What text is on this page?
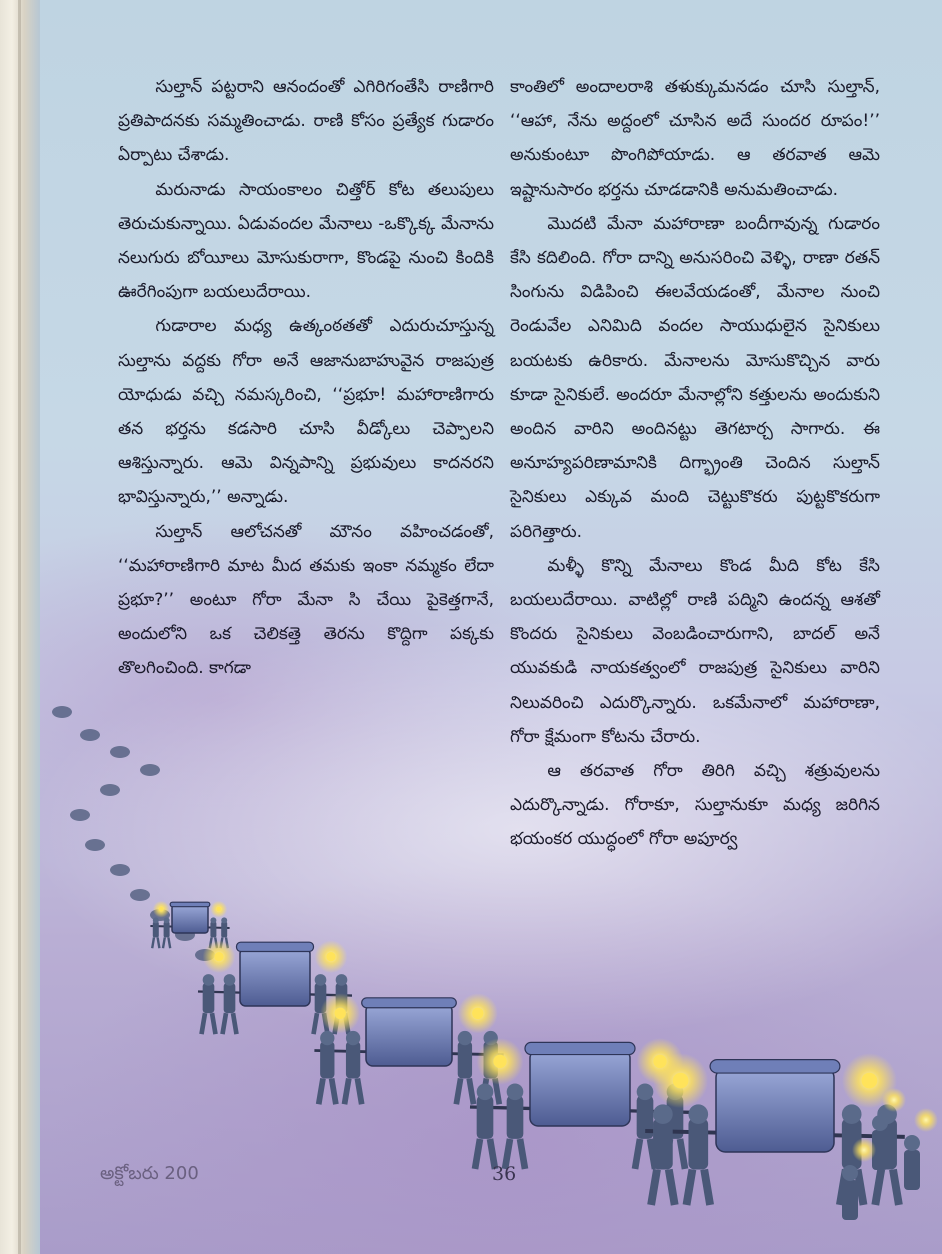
సుల్తాన్‌ పట్టరాని ఆనందంతో ఎగిరిగంతేసి రాణిగారి ప్రతిపాదనకు సమ్మతించాడు. రాణి కోసం ప్రత్యేక గుడారం ఏర్పాటు చేశాడు.

మరునాడు సాయంకాలం చిత్తోర్‌ కోట తలుపులు తెరుచుకున్నాయి. ఏడువందల మేనాలు -ఒక్కొక్క మేనాను నలుగురు బోయీలు మోసుకురాగా, కొండపై నుంచి కిందికి ఊరేగింపుగా బయలుదేరాయి.

గుడారాల మధ్య ఉత్కంఠతతో ఎదురుచూస్తున్న సుల్తాను వద్దకు గోరా అనే ఆజానుబాహువైన రాజపుత్ర యోధుడు వచ్చి నమస్కరించి, ‘‘ప్రభూ! మహారాణిగారు తన భర్తను కడసారి చూసి వీడ్కోలు చెప్పాలని ఆశిస్తున్నారు. ఆమె విన్నపాన్ని ప్రభువులు కాదనరని భావిస్తున్నారు,’’ అన్నాడు.

సుల్తాన్‌ ఆలోచనతో మౌనం వహించడంతో, ‘‘మహారాణిగారి మాట మీద తమకు ఇంకా నమ్మకం లేదా ప్రభూ?’’ అంటూ గోరా మేనా సి చేయి పైకెత్తగానే, అందులోని ఒక చెలికత్తె తెరను కొద్దిగా పక్కకు తొలగించింది. కాగడా

కాంతిలో అందాలరాశి తళుక్కుమనడం చూసి సుల్తాన్‌, ‘‘ఆహా, నేను అద్దంలో చూసిన అదే సుందర రూపం!’’ అనుకుంటూ పొంగిపోయాడు. ఆ తరవాత ఆమె ఇష్టానుసారం భర్తను చూడడానికి అనుమతించాడు.

మొదటి మేనా మహారాణా బందీగావున్న గుడారం కేసి కదిలింది. గోరా దాన్ని అనుసరించి వెళ్ళి, రాణా రతన్‌ సింగును విడిపించి ఈలవేయడంతో, మేనాల నుంచి రెండువేల ఎనిమిది వందల సాయుధులైన సైనికులు బయటకు ఉరికారు. మేనాలను మోసుకొచ్చిన వారు కూడా సైనికులే. అందరూ మేనాల్లోని కత్తులను అందుకుని అందిన వారిని అందినట్టు తెగటార్చ సాగారు. ఈ అనూహ్యపరిణామానికి దిగ్భ్రాంతి చెందిన సుల్తాన్‌ సైనికులు ఎక్కువ మంది చెట్టుకొకరు పుట్టకొకరుగా పరిగెత్తారు.

మళ్ళీ కొన్ని మేనాలు కొండ మీది కోట కేసి బయలుదేరాయి. వాటిల్లో రాణి పద్మిని ఉందన్న ఆశతో కొందరు సైనికులు వెంబడించారుగాని, బాదల్‌ అనే యువకుడి నాయకత్వంలో రాజపుత్ర సైనికులు వారిని నిలువరించి ఎదుర్కొన్నారు. ఒకమేనాలో మహారాణా, గోరా క్షేమంగా కోటను చేరారు.

ఆ తరవాత గోరా తిరిగి వచ్చి శత్రువులను ఎదుర్కొన్నాడు. గోరాకూ, సుల్తానుకూ మధ్య జరిగిన భయంకర యుద్ధంలో గోరా అపూర్వ

అక్టోబరు 200	36
